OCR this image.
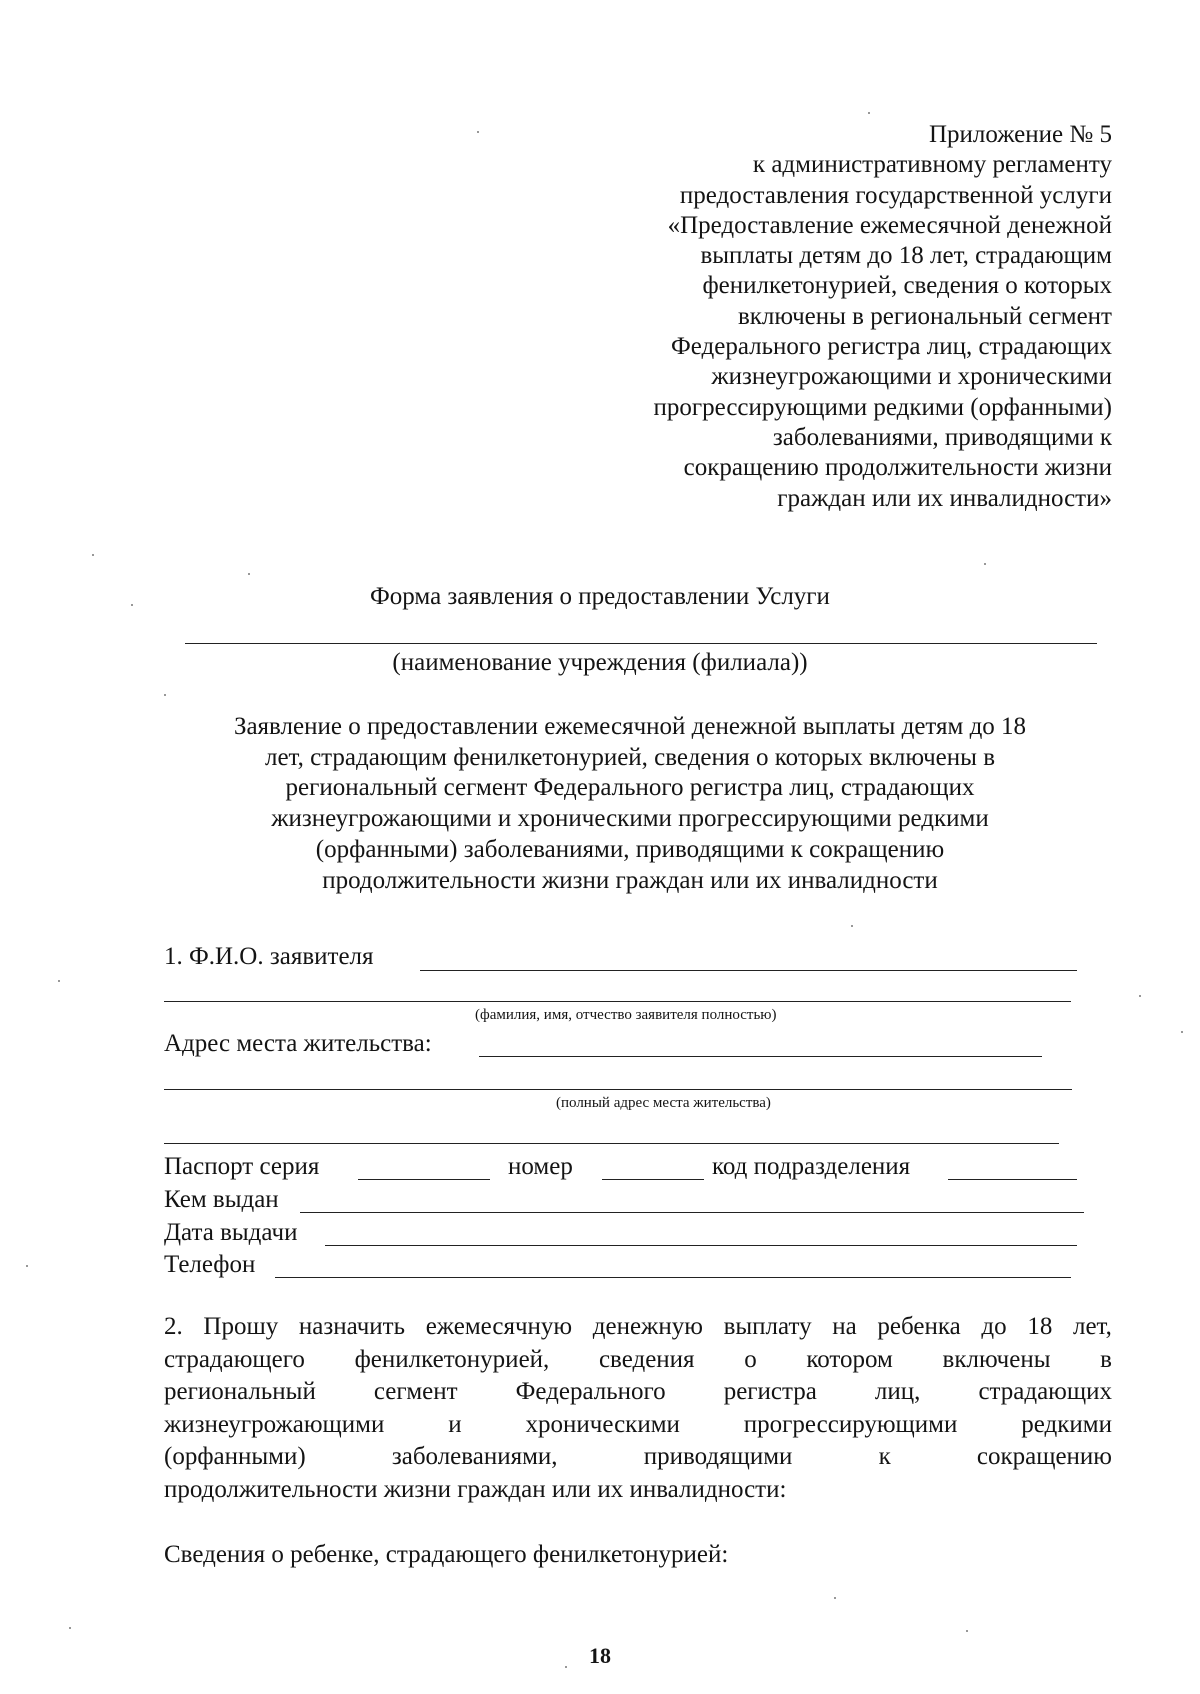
Приложение № 5
к административному регламенту
предоставления государственной услуги
«Предоставление ежемесячной денежной
выплаты детям до 18 лет, страдающим
фенилкетонурией, сведения о которых
включены в региональный сегмент
Федерального регистра лиц, страдающих
жизнеугрожающими и хроническими
прогрессирующими редкими (орфанными)
заболеваниями, приводящими к
сокращению продолжительности жизни
граждан или их инвалидности»
Форма заявления о предоставлении Услуги
(наименование учреждения (филиала))
Заявление о предоставлении ежемесячной денежной выплаты детям до 18
лет, страдающим фенилкетонурией, сведения о которых включены в
региональный сегмент Федерального регистра лиц, страдающих
жизнеугрожающими и хроническими прогрессирующими редкими
(орфанными) заболеваниями, приводящими к сокращению
продолжительности жизни граждан или их инвалидности
1. Ф.И.О. заявителя
(фамилия, имя, отчество заявителя полностью)
Адрес места жительства:
(полный адрес места жительства)
Паспорт серия	номер	код подразделения
Кем выдан
Дата выдачи
Телефон
2. Прошу назначить ежемесячную денежную выплату на ребенка до 18 лет,
страдающего фенилкетонурией, сведения о котором включены в
региональный сегмент Федерального регистра лиц, страдающих
жизнеугрожающими	и	хроническими	прогрессирующими	редкими
(орфанными)	заболеваниями,	приводящими	к	сокращению
продолжительности жизни граждан или их инвалидности:
Сведения о ребенке, страдающего фенилкетонурией:
18
